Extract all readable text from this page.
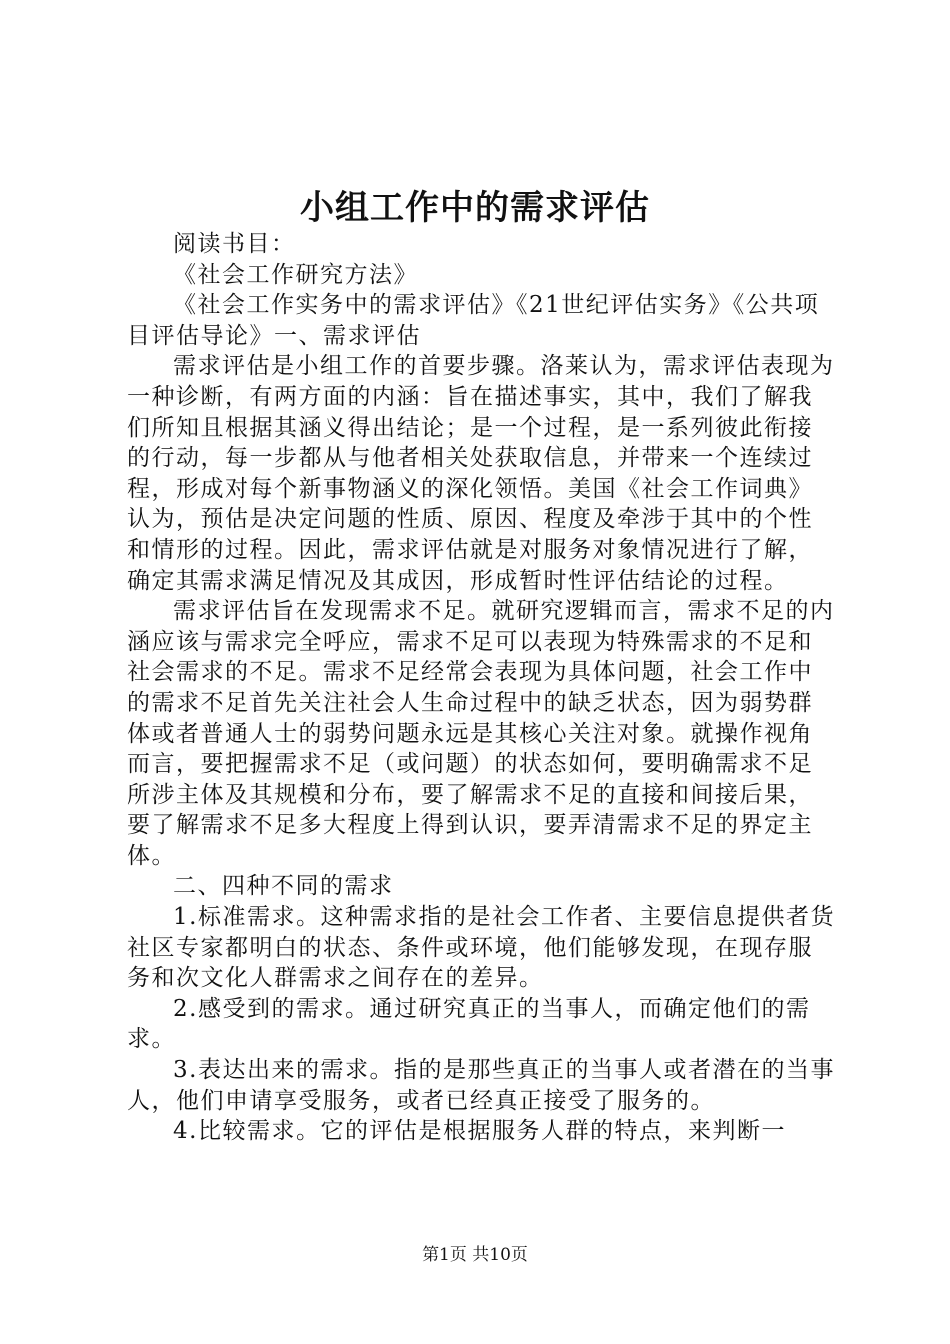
小组工作中的需求评估

阅读书目：

《社会工作研究方法》

《社会工作实务中的需求评估》《21世纪评估实务》《公共项目评估导论》一、需求评估

需求评估是小组工作的首要步骤。洛莱认为，需求评估表现为一种诊断，有两方面的内涵：旨在描述事实，其中，我们了解我们所知且根据其涵义得出结论；是一个过程，是一系列彼此衔接的行动，每一步都从与他者相关处获取信息，并带来一个连续过程，形成对每个新事物涵义的深化领悟。美国《社会工作词典》认为，预估是决定问题的性质、原因、程度及牵涉于其中的个性和情形的过程。因此，需求评估就是对服务对象情况进行了解，确定其需求满足情况及其成因，形成暂时性评估结论的过程。

需求评估旨在发现需求不足。就研究逻辑而言，需求不足的内涵应该与需求完全呼应，需求不足可以表现为特殊需求的不足和社会需求的不足。需求不足经常会表现为具体问题，社会工作中的需求不足首先关注社会人生命过程中的缺乏状态，因为弱势群体或者普通人士的弱势问题永远是其核心关注对象。就操作视角而言，要把握需求不足（或问题）的状态如何，要明确需求不足所涉主体及其规模和分布，要了解需求不足的直接和间接后果，要了解需求不足多大程度上得到认识，要弄清需求不足的界定主体。

二、四种不同的需求

1.标准需求。这种需求指的是社会工作者、主要信息提供者货社区专家都明白的状态、条件或环境，他们能够发现，在现存服务和次文化人群需求之间存在的差异。

2.感受到的需求。通过研究真正的当事人，而确定他们的需求。

3.表达出来的需求。指的是那些真正的当事人或者潜在的当事人，他们申请享受服务，或者已经真正接受了服务的。

4.比较需求。它的评估是根据服务人群的特点，来判断一

第1页 共10页
